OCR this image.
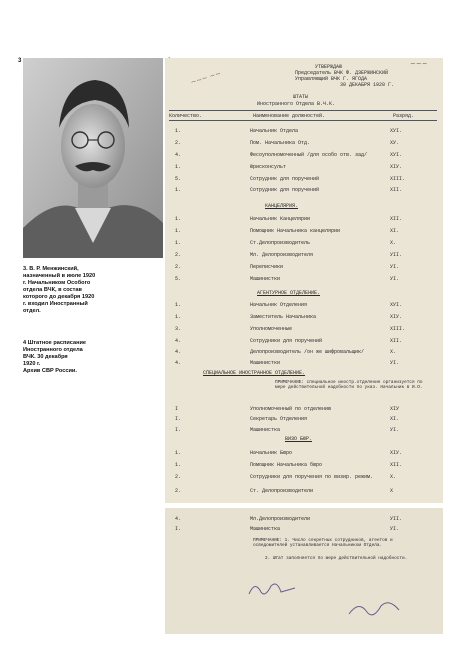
3
3. В. Р. Менжинский, назначенный в июле 1920 г. Начальником Особого отдела ВЧК, в состав которого до декабря 1920 г. входил Иностранный отдел.
4 Штатное расписание
Иностранного отдела
ВЧК. 30 декабря
1920 г.
Архив СВР России.
~~~ ~~
~~~
УТВЕРЖДАЮ
Председатель ВЧК Ф. ДЗЕРЖИНСКИЙ
Управляющий ВЧК Г. ЯГОДА
30 ДЕКАБРЯ 1920 Г.
ШТАТЫ
Иностранного Отдела В.Ч.К.
Количество.	Наименование должностей.	Разряд.
1.	Начальник Отдела	ХУI.
2.	Пом. Начальника Отд.	ХУ.
4.	Фесоуполномоченный /для особо отв. зад/	ХУI.
1.	Юрисконсульт	ХIУ.
5.	Сотрудник для поручений	ХIII.
1.	Сотрудник для поручений	ХII.
КАНЦЕЛЯРИЯ.
1.	Начальник Канцелярии	ХII.
1.	Помощник Начальника канцелярии	ХI.
1.	Ст.Делопроизводитель	Х.
2.	Мл. Делопроизводителя	УII.
2.	Переписчики	УI.
5.	Машинистки	УI.
АГЕНТУРНОЕ ОТДЕЛЕНИЕ.
1.	Начальник Отделения	ХУI.
1.	Заместитель Начальника	ХIУ.
3.	Уполномоченные	ХIII.
4.	Сотрудники для поручений	ХII.
4.	Делопроизводитель /он же шифровальщик/	Х.
4.	Машинистки	УI.
СПЕЦИАЛЬНОЕ ИНОСТРАННОЕ ОТДЕЛЕНИЕ.
ПРИМЕЧАНИЕ: специальное иностр.отделение организуется по мере действительной надобности по указ. Начальник в И.О.
I	Уполномоченный по отделению	ХIУ
I.	Секретарь Отделения	ХI.
I.	Машинистка	УI.
ВИЗО БЮР.
1.	Начальник Бюро	ХIУ.
1.	Помощник Начальника бюро	ХII.
2.	Сотрудники для поручения по визир. режим.	Х.
2.	Ст. Делопроизводители	Х
4.	Мл.Делопроизводители	УII.
I.	Машинистка	УI.
ПРИМЕЧАНИЕ: 1. Число секретных сотрудников, агентов и осведомителей устанавливается Начальником Отдела.
2. Штат заполняется по мере действительной надобности.
